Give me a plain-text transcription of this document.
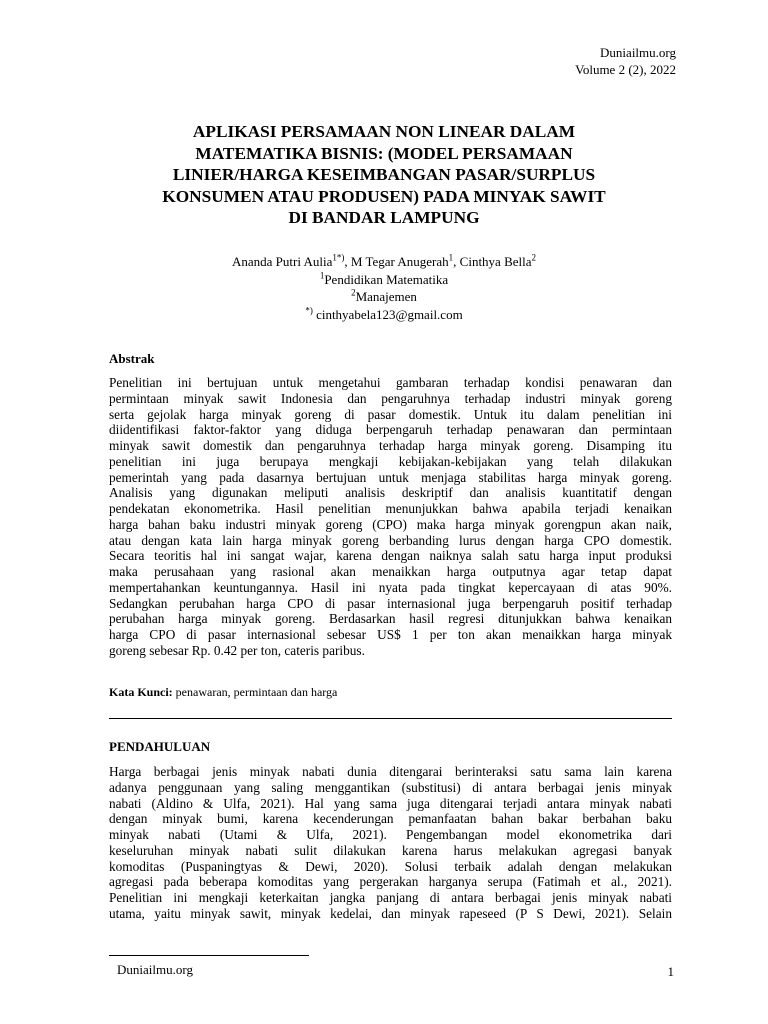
Duniailmu.org
Volume 2 (2), 2022
APLIKASI PERSAMAAN NON LINEAR DALAM
MATEMATIKA BISNIS: (MODEL PERSAMAAN
LINIER/HARGA KESEIMBANGAN PASAR/SURPLUS
KONSUMEN ATAU PRODUSEN) PADA MINYAK SAWIT
DI BANDAR LAMPUNG
Ananda Putri Aulia$^{1*)}$, M Tegar Anugerah$^1$, Cinthya Bella$^2$
$^1$Pendidikan Matematika
$^2$Manajemen
*) cinthyabela123@gmail.com
Abstrak
Penelitian ini bertujuan untuk mengetahui gambaran terhadap kondisi penawaran dan
permintaan minyak sawit Indonesia dan pengaruhnya terhadap industri minyak goreng
serta gejolak harga minyak goreng di pasar domestik. Untuk itu dalam penelitian ini
diidentifikasi faktor-faktor yang diduga berpengaruh terhadap penawaran dan permintaan
minyak sawit domestik dan pengaruhnya terhadap harga minyak goreng. Disamping itu
penelitian ini juga berupaya mengkaji kebijakan-kebijakan yang telah dilakukan
pemerintah yang pada dasarnya bertujuan untuk menjaga stabilitas harga minyak goreng.
Analisis yang digunakan meliputi analisis deskriptif dan analisis kuantitatif dengan
pendekatan ekonometrika. Hasil penelitian menunjukkan bahwa apabila terjadi kenaikan
harga bahan baku industri minyak goreng (CPO) maka harga minyak gorengpun akan naik,
atau dengan kata lain harga minyak goreng berbanding lurus dengan harga CPO domestik.
Secara teoritis hal ini sangat wajar, karena dengan naiknya salah satu harga input produksi
maka perusahaan yang rasional akan menaikkan harga outputnya agar tetap dapat
mempertahankan keuntungannya. Hasil ini nyata pada tingkat kepercayaan di atas 90%.
Sedangkan perubahan harga CPO di pasar internasional juga berpengaruh positif terhadap
perubahan harga minyak goreng. Berdasarkan hasil regresi ditunjukkan bahwa kenaikan
harga CPO di pasar internasional sebesar US$ 1 per ton akan menaikkan harga minyak
goreng sebesar Rp. 0.42 per ton, cateris paribus.
Kata Kunci: penawaran, permintaan dan harga
PENDAHULUAN
Harga berbagai jenis minyak nabati dunia ditengarai berinteraksi satu sama lain karena
adanya penggunaan yang saling menggantikan (substitusi) di antara berbagai jenis minyak
nabati (Aldino & Ulfa, 2021). Hal yang sama juga ditengarai terjadi antara minyak nabati
dengan minyak bumi, karena kecenderungan pemanfaatan bahan bakar berbahan baku
minyak nabati (Utami & Ulfa, 2021). Pengembangan model ekonometrika dari
keseluruhan minyak nabati sulit dilakukan karena harus melakukan agregasi banyak
komoditas (Puspaningtyas & Dewi, 2020). Solusi terbaik adalah dengan melakukan
agregasi pada beberapa komoditas yang pergerakan harganya serupa (Fatimah et al., 2021).
Penelitian ini mengkaji keterkaitan jangka panjang di antara berbagai jenis minyak nabati
utama, yaitu minyak sawit, minyak kedelai, dan minyak rapeseed (P S Dewi, 2021). Selain
Duniailmu.org	1
